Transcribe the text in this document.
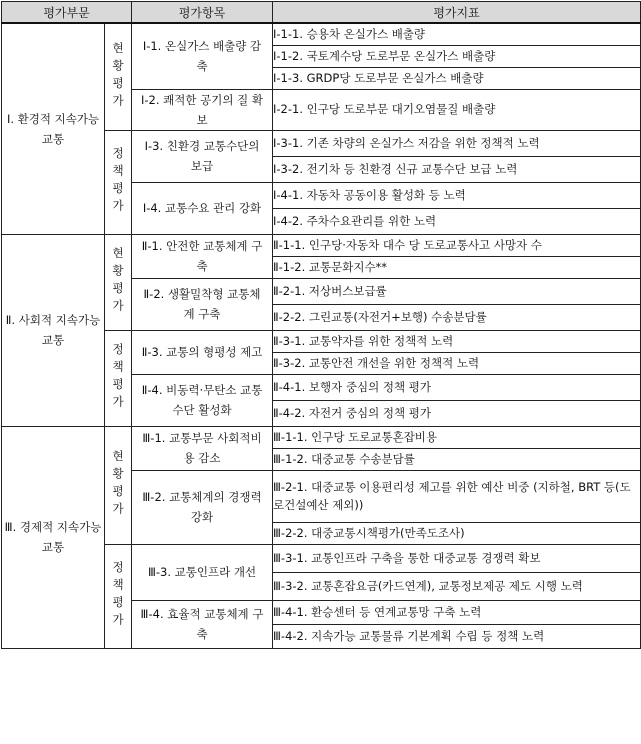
평가부문		평가항목	평가지표

Ⅰ. 환경적 지속가능교통	현황평가	Ⅰ-1. 온실가스 배출량 감축	Ⅰ-1-1. 승용차 온실가스 배출량
			Ⅰ-1-2. 국토계수당 도로부문 온실가스 배출량
			Ⅰ-1-3. GRDP당 도로부문 온실가스 배출량
		Ⅰ-2. 쾌적한 공기의 질 확보	Ⅰ-2-1. 인구당 도로부문 대기오염물질 배출량

	정책평가	Ⅰ-3. 친환경 교통수단의 보급	Ⅰ-3-1. 기존 차량의 온실가스 저감을 위한 정책적 노력
			Ⅰ-3-2. 전기차 등 친환경 신규 교통수단 보급 노력
		Ⅰ-4. 교통수요 관리 강화	Ⅰ-4-1. 자동차 공동이용 활성화 등 노력
			Ⅰ-4-2. 주차수요관리를 위한 노력

Ⅱ. 사회적 지속가능교통	현황평가	Ⅱ-1. 안전한 교통체계 구축	Ⅱ-1-1. 인구당·자동차 대수 당 도로교통사고 사망자 수
			Ⅱ-1-2. 교통문화지수**
		Ⅱ-2. 생활밀착형 교통체계 구축	Ⅱ-2-1. 저상버스보급률
			Ⅱ-2-2. 그린교통(자전거+보행) 수송분담률

	정책평가	Ⅱ-3. 교통의 형평성 제고	Ⅱ-3-1. 교통약자를 위한 정책적 노력
			Ⅱ-3-2. 교통안전 개선을 위한 정책적 노력
		Ⅱ-4. 비동력·무탄소 교통수단 활성화	Ⅱ-4-1. 보행자 중심의 정책 평가
			Ⅱ-4-2. 자전거 중심의 정책 평가

Ⅲ. 경제적 지속가능교통	현황평가	Ⅲ-1. 교통부문 사회적비용 감소	Ⅲ-1-1. 인구당 도로교통혼잡비용
			Ⅲ-1-2. 대중교통 수송분담률
		Ⅲ-2. 교통체계의 경쟁력 강화	Ⅲ-2-1. 대중교통 이용편리성 제고를 위한 예산 비중 (지하철, BRT 등(도로건설예산 제외))
			Ⅲ-2-2. 대중교통시책평가(만족도조사)

	정책평가	Ⅲ-3. 교통인프라 개선	Ⅲ-3-1. 교통인프라 구축을 통한 대중교통 경쟁력 확보
			Ⅲ-3-2. 교통혼잡요금(카드연계), 교통정보제공 제도 시행 노력
		Ⅲ-4. 효율적 교통체계 구축	Ⅲ-4-1. 환승센터 등 연계교통망 구축 노력
			Ⅲ-4-2. 지속가능 교통물류 기본계획 수립 등 정책 노력
